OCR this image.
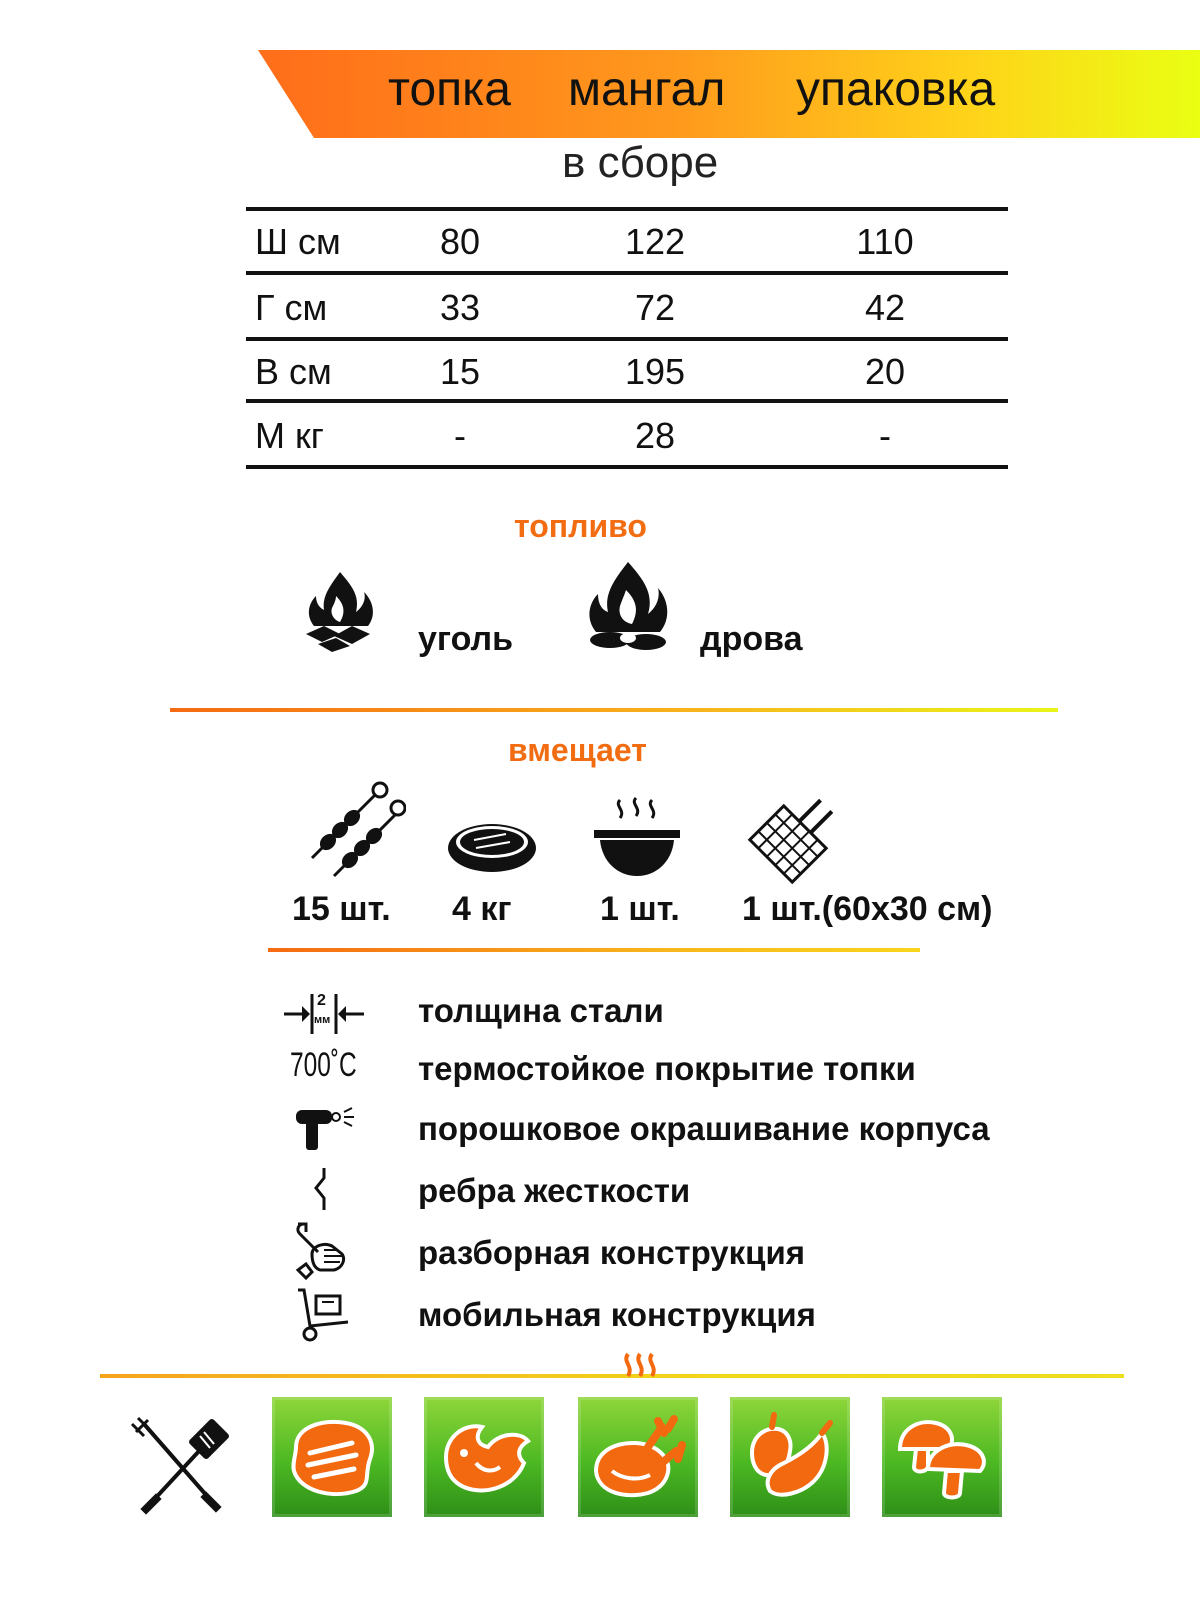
топка мангал упаковка
в сборе
Ш см	80	122	110
Г см	33	72	42
В см	15	195	20
М кг	-	28	-
топливо
уголь	дрова
вмещает
15 шт. 4 кг	1 шт. 1 шт.(60x30 см)
2
мм	толщина стали
700˚C термостойкое покрытие топки
порошковое окрашивание корпуса
ребра жесткости
разборная конструкция
мобильная конструкция
